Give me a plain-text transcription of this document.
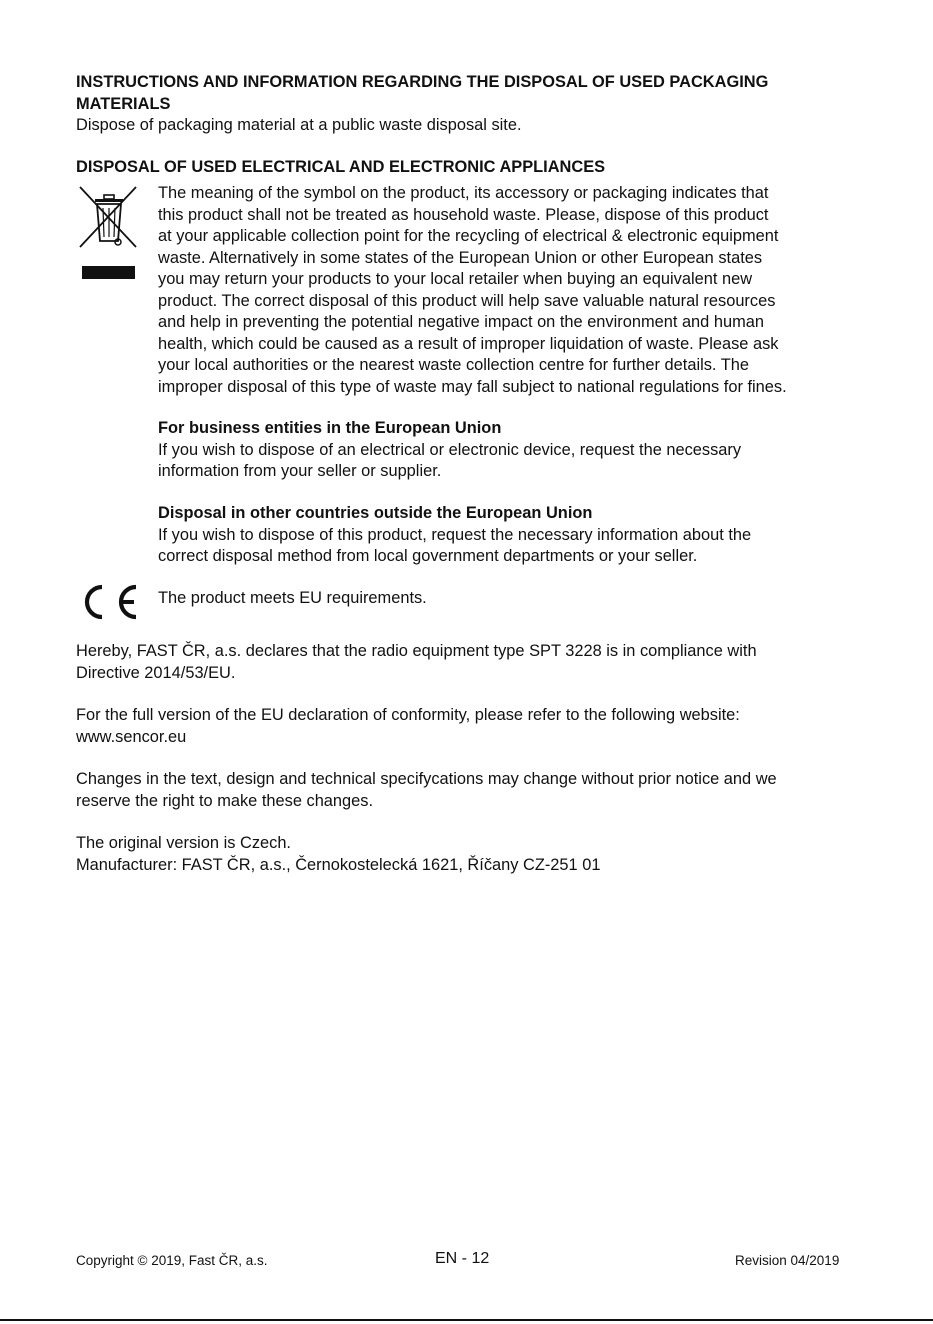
INSTRUCTIONS AND INFORMATION REGARDING THE DISPOSAL OF USED PACKAGING
MATERIALS
Dispose of packaging material at a public waste disposal site.
DISPOSAL OF USED ELECTRICAL AND ELECTRONIC APPLIANCES
The meaning of the symbol on the product, its accessory or packaging indicates that
this product shall not be treated as household waste. Please, dispose of this product
at your applicable collection point for the recycling of electrical & electronic equipment
waste. Alternatively in some states of the European Union or other European states
you may return your products to your local retailer when buying an equivalent new
product. The correct disposal of this product will help save valuable natural resources
and help in preventing the potential negative impact on the environment and human
health, which could be caused as a result of improper liquidation of waste. Please ask
your local authorities or the nearest waste collection centre for further details. The
improper disposal of this type of waste may fall subject to national regulations for fines.
For business entities in the European Union
If you wish to dispose of an electrical or electronic device, request the necessary
information from your seller or supplier.
Disposal in other countries outside the European Union
If you wish to dispose of this product, request the necessary information about the
correct disposal method from local government departments or your seller.
The product meets EU requirements.
Hereby, FAST ČR, a.s. declares that the radio equipment type SPT 3228 is in compliance with
Directive 2014/53/EU.
For the full version of the EU declaration of conformity, please refer to the following website:
www.sencor.eu
Changes in the text, design and technical specifycations may change without prior notice and we
reserve the right to make these changes.
The original version is Czech.
Manufacturer: FAST ČR, a.s., Černokostelecká 1621, Říčany CZ-251 01
Copyright © 2019, Fast ČR, a.s.	EN - 12	Revision 04/2019
